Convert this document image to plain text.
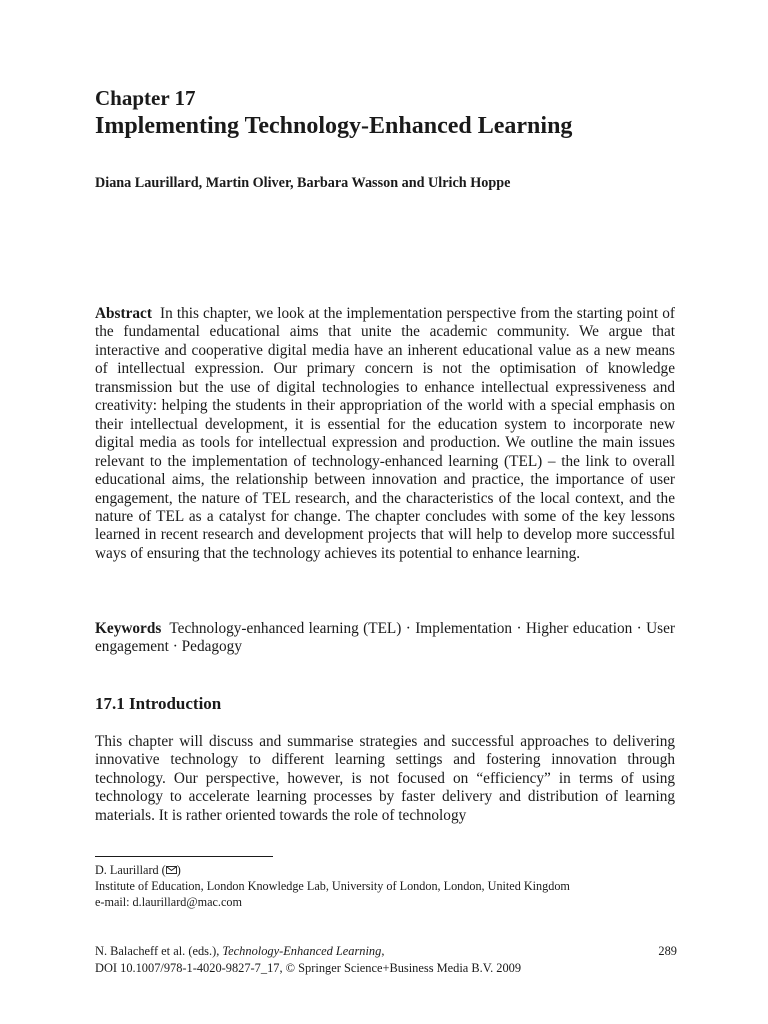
Chapter 17
Implementing Technology-Enhanced Learning
Diana Laurillard, Martin Oliver, Barbara Wasson and Ulrich Hoppe

Abstract In this chapter, we look at the implementation perspective from the starting point of the fundamental educational aims that unite the academic community. We argue that interactive and cooperative digital media have an inherent educational value as a new means of intellectual expression. Our primary concern is not the optimisation of knowledge transmission but the use of digital technologies to enhance intellectual expressiveness and creativity: helping the students in their appropriation of the world with a special emphasis on their intellectual development, it is essential for the education system to incorporate new digital media as tools for intellectual expression and production. We outline the main issues relevant to the implementation of technology-enhanced learning (TEL) – the link to overall educational aims, the relationship between innovation and practice, the importance of user engagement, the nature of TEL research, and the characteristics of the local context, and the nature of TEL as a catalyst for change. The chapter concludes with some of the key lessons learned in recent research and development projects that will help to develop more successful ways of ensuring that the technology achieves its potential to enhance learning.

Keywords Technology-enhanced learning (TEL) · Implementation · Higher education · User engagement · Pedagogy

17.1 Introduction

This chapter will discuss and summarise strategies and successful approaches to delivering innovative technology to different learning settings and fostering innovation through technology. Our perspective, however, is not focused on “efficiency” in terms of using technology to accelerate learning processes by faster delivery and distribution of learning materials. It is rather oriented towards the role of technology

D. Laurillard ( )
Institute of Education, London Knowledge Lab, University of London, London, United Kingdom
e-mail: d.laurillard@mac.com
N. Balacheff et al. (eds.), Technology-Enhanced Learning,	289
DOI 10.1007/978-1-4020-9827-7_17, © Springer Science+Business Media B.V. 2009
